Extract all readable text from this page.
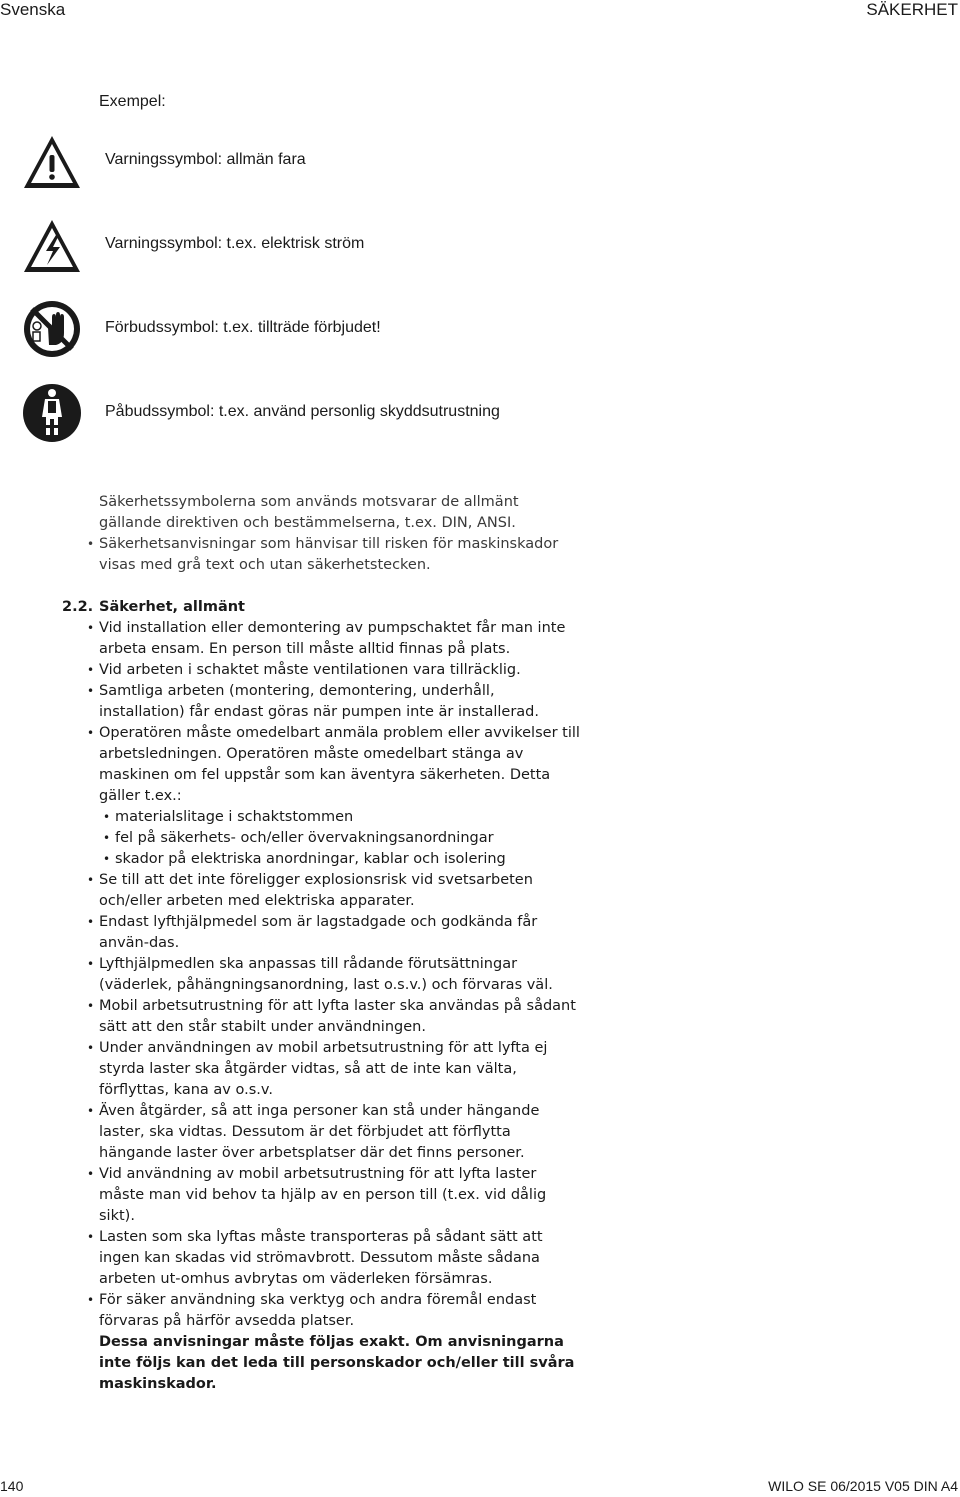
Svenska	SÄKERHET
Exempel:
Varningssymbol: allmän fara
Varningssymbol: t.ex. elektrisk ström
Förbudssymbol: t.ex. tillträde förbjudet!
Påbudssymbol: t.ex. använd personlig skyddsutrustning
Säkerhetssymbolerna som används motsvarar de allmänt gällande direktiven och bestämmelserna, t.ex. DIN, ANSI.
• Säkerhetsanvisningar som hänvisar till risken för maskinskador visas med grå text och utan säkerhetstecken.
2.2. Säkerhet, allmänt
• Vid installation eller demontering av pumpschaktet får man inte arbeta ensam. En person till måste alltid finnas på plats.
• Vid arbeten i schaktet måste ventilationen vara tillräcklig.
• Samtliga arbeten (montering, demontering, underhåll, installation) får endast göras när pumpen inte är installerad.
• Operatören måste omedelbart anmäla problem eller avvikelser till arbetsledningen. Operatören måste omedelbart stänga av maskinen om fel uppstår som kan äventyra säkerheten. Detta gäller t.ex.:
• materialslitage i schaktstommen
• fel på säkerhets- och/eller övervakningsanordningar
• skador på elektriska anordningar, kablar och isolering
• Se till att det inte föreligger explosionsrisk vid svetsarbeten och/eller arbeten med elektriska apparater.
• Endast lyfthjälpmedel som är lagstadgade och godkända får använ-das.
• Lyfthjälpmedlen ska anpassas till rådande förutsättningar (väderlek, påhängningsanordning, last o.s.v.) och förvaras väl.
• Mobil arbetsutrustning för att lyfta laster ska användas på sådant sätt att den står stabilt under användningen.
• Under användningen av mobil arbetsutrustning för att lyfta ej styrda laster ska åtgärder vidtas, så att de inte kan välta, förflyttas, kana av o.s.v.
• Även åtgärder, så att inga personer kan stå under hängande laster, ska vidtas. Dessutom är det förbjudet att förflytta hängande laster över arbetsplatser där det finns personer.
• Vid användning av mobil arbetsutrustning för att lyfta laster måste man vid behov ta hjälp av en person till (t.ex. vid dålig sikt).
• Lasten som ska lyftas måste transporteras på sådant sätt att ingen kan skadas vid strömavbrott. Dessutom måste sådana arbeten ut-omhus avbrytas om väderleken försämras.
• För säker användning ska verktyg och andra föremål endast förvaras på härför avsedda platser.
Dessa anvisningar måste följas exakt. Om anvisningarna inte följs kan det leda till personskador och/eller till svåra maskinskador.
140	WILO SE 06/2015 V05 DIN A4
